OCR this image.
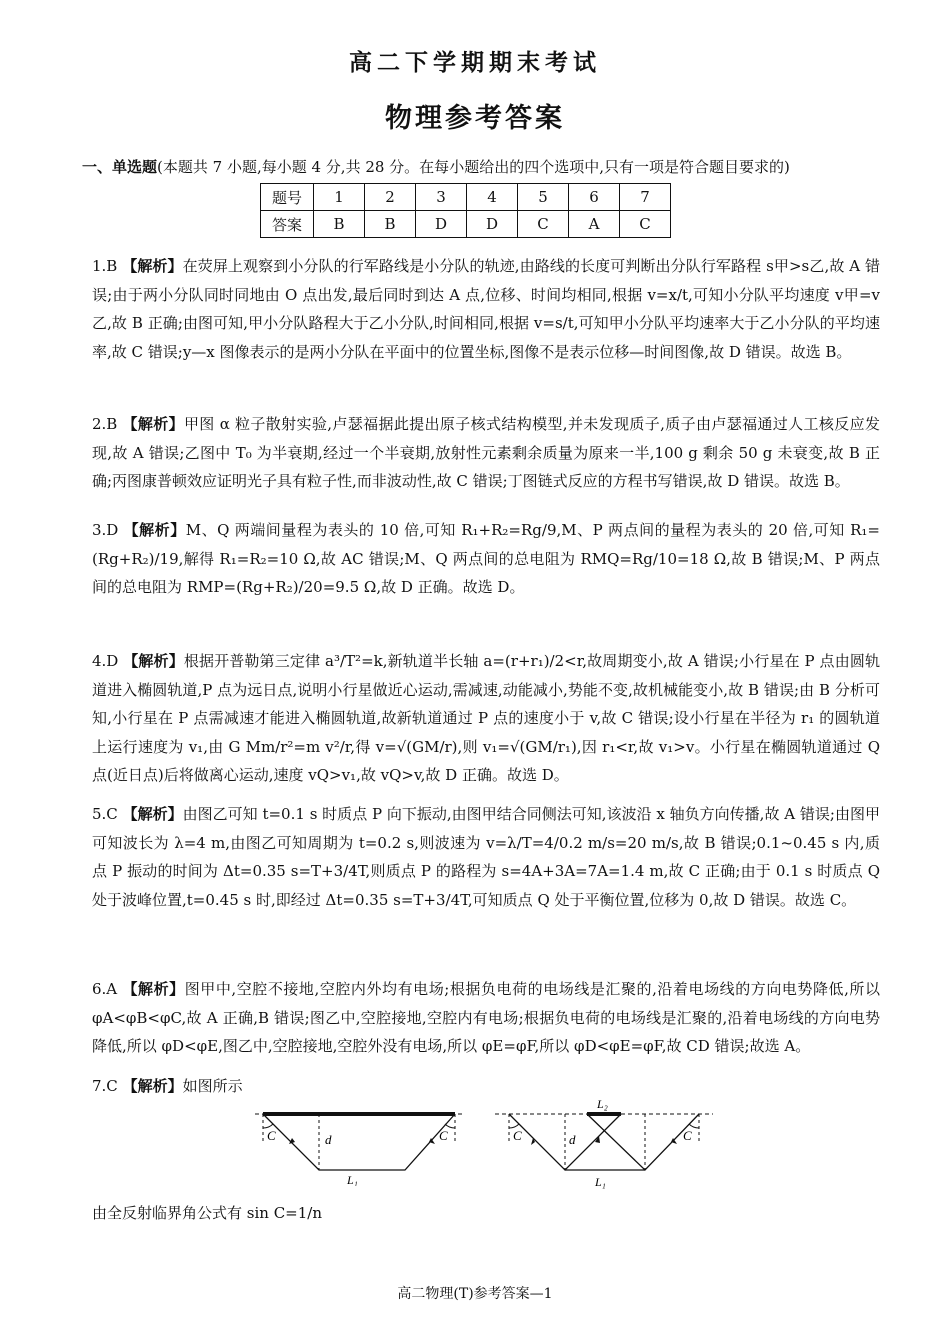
高二下学期期末考试
物理参考答案
一、单选题(本题共 7 小题,每小题 4 分,共 28 分。在每小题给出的四个选项中,只有一项是符合题目要求的)
题号	1	2	3	4	5	6	7
答案	B	B	D	D	C	A	C
1.B 【解析】在荧屏上观察到小分队的行军路线是小分队的轨迹,由路线的长度可判断出分队行军路程 s甲>s乙,故 A 错误;由于两小分队同时同地由 O 点出发,最后同时到达 A 点,位移、时间均相同,根据 v=x/t,可知小分队平均速度 v甲=v乙,故 B 正确;由图可知,甲小分队路程大于乙小分队,时间相同,根据 v=s/t,可知甲小分队平均速率大于乙小分队的平均速率,故 C 错误;y—x 图像表示的是两小分队在平面中的位置坐标,图像不是表示位移—时间图像,故 D 错误。故选 B。
2.B 【解析】甲图 α 粒子散射实验,卢瑟福据此提出原子核式结构模型,并未发现质子,质子由卢瑟福通过人工核反应发现,故 A 错误;乙图中 T₀ 为半衰期,经过一个半衰期,放射性元素剩余质量为原来一半,100 g 剩余 50 g 未衰变,故 B 正确;丙图康普顿效应证明光子具有粒子性,而非波动性,故 C 错误;丁图链式反应的方程书写错误,故 D 错误。故选 B。
3.D 【解析】M、Q 两端间量程为表头的 10 倍,可知 R₁+R₂=Rg/9,M、P 两点间的量程为表头的 20 倍,可知 R₁=(Rg+R₂)/19,解得 R₁=R₂=10 Ω,故 AC 错误;M、Q 两点间的总电阻为 RMQ=Rg/10=18 Ω,故 B 错误;M、P 两点间的总电阻为 RMP=(Rg+R₂)/20=9.5 Ω,故 D 正确。故选 D。
4.D 【解析】根据开普勒第三定律 a³/T²=k,新轨道半长轴 a=(r+r₁)/2<r,故周期变小,故 A 错误;小行星在 P 点由圆轨道进入椭圆轨道,P 点为远日点,说明小行星做近心运动,需减速,动能减小,势能不变,故机械能变小,故 B 错误;由 B 分析可知,小行星在 P 点需减速才能进入椭圆轨道,故新轨道通过 P 点的速度小于 v,故 C 错误;设小行星在半径为 r₁ 的圆轨道上运行速度为 v₁,由 G Mm/r²=m v²/r,得 v=√(GM/r),则 v₁=√(GM/r₁),因 r₁<r,故 v₁>v。小行星在椭圆轨道通过 Q 点(近日点)后将做离心运动,速度 vQ>v₁,故 vQ>v,故 D 正确。故选 D。
5.C 【解析】由图乙可知 t=0.1 s 时质点 P 向下振动,由图甲结合同侧法可知,该波沿 x 轴负方向传播,故 A 错误;由图甲可知波长为 λ=4 m,由图乙可知周期为 t=0.2 s,则波速为 v=λ/T=4/0.2 m/s=20 m/s,故 B 错误;0.1~0.45 s 内,质点 P 振动的时间为 Δt=0.35 s=T+3/4T,则质点 P 的路程为 s=4A+3A=7A=1.4 m,故 C 正确;由于 0.1 s 时质点 Q 处于波峰位置,t=0.45 s 时,即经过 Δt=0.35 s=T+3/4T,可知质点 Q 处于平衡位置,位移为 0,故 D 错误。故选 C。
6.A 【解析】图甲中,空腔不接地,空腔内外均有电场;根据负电荷的电场线是汇聚的,沿着电场线的方向电势降低,所以 φA<φB<φC,故 A 正确,B 错误;图乙中,空腔接地,空腔内有电场;根据负电荷的电场线是汇聚的,沿着电场线的方向电势降低,所以 φD<φE,图乙中,空腔接地,空腔外没有电场,所以 φE=φF,所以 φD<φE=φF,故 CD 错误;故选 A。
7.C 【解析】如图所示
C	C
d
L₁
L₂
C	C
d
L₁
由全反射临界角公式有 sin C=1/n
高二物理(T)参考答案—1
